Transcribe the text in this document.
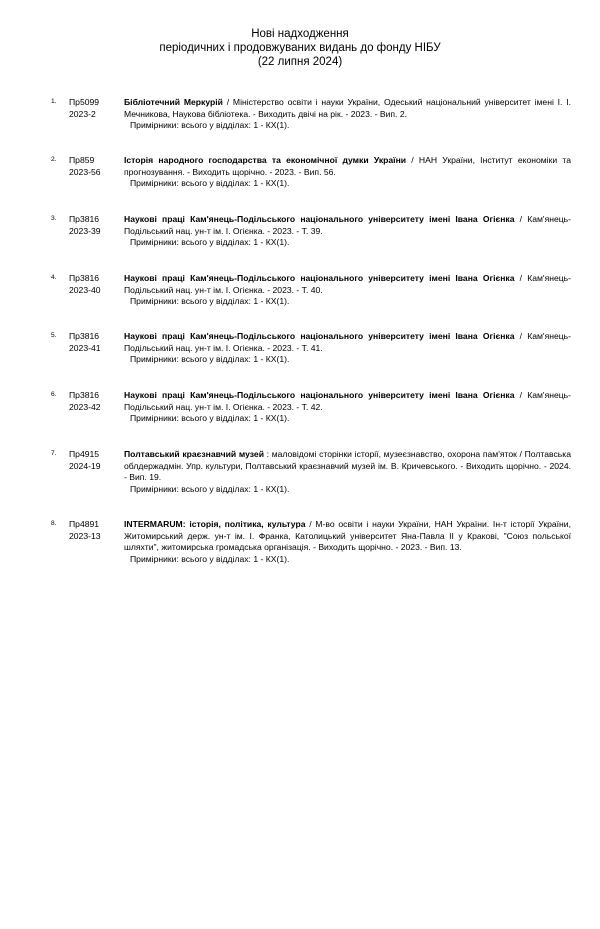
Нові надходження
періодичних і продовжуваних видань до фонду НІБУ
(22 липня 2024)
1. Пр5099
2023-2
Бібліотечний Меркурій / Міністерство освіти і науки України, Одеський національний університет імені І. І. Мечникова, Наукова бібліотека. - Виходить двічі на рік. - 2023. - Вип. 2.
Примірники: всього у відділах: 1 - КХ(1).
2. Пр859
2023-56
Історія народного господарства та економічної думки України / НАН України, Інститут економіки та прогнозування. - Виходить щорічно. - 2023. - Вип. 56.
Примірники: всього у відділах: 1 - КХ(1).
3. Пр3816
2023-39
Наукові праці Кам'янець-Подільського національного університету імені Івана Огієнка / Кам'янець-Подільський нац. ун-т ім. І. Огієнка. - 2023. - Т. 39.
Примірники: всього у відділах: 1 - КХ(1).
4. Пр3816
2023-40
Наукові праці Кам'янець-Подільського національного університету імені Івана Огієнка / Кам'янець-Подільський нац. ун-т ім. І. Огієнка. - 2023. - Т. 40.
Примірники: всього у відділах: 1 - КХ(1).
5. Пр3816
2023-41
Наукові праці Кам'янець-Подільського національного університету імені Івана Огієнка / Кам'янець-Подільський нац. ун-т ім. І. Огієнка. - 2023. - Т. 41.
Примірники: всього у відділах: 1 - КХ(1).
6. Пр3816
2023-42
Наукові праці Кам'янець-Подільського національного університету імені Івана Огієнка / Кам'янець-Подільський нац. ун-т ім. І. Огієнка. - 2023. - Т. 42.
Примірники: всього у відділах: 1 - КХ(1).
7. Пр4915
2024-19
Полтавський краєзнавчий музей : маловідомі сторінки історії, музеєзнавство, охорона пам'яток / Полтавська облдержадмін. Упр. культури, Полтавський краєзнавчий музей ім. В. Кричевського. - Виходить щорічно. - 2024. - Вип. 19.
Примірники: всього у відділах: 1 - КХ(1).
8. Пр4891
2023-13
INTERMARUM: історія, політика, культура / М-во освіти і науки України, НАН України. Ін-т історії України, Житомирський держ. ун-т ім. І. Франка, Католицький університет Яна-Павла ІІ у Кракові, "Союз польської шляхти", житомирська громадська організація. - Виходить щорічно. - 2023. - Вип. 13.
Примірники: всього у відділах: 1 - КХ(1).
